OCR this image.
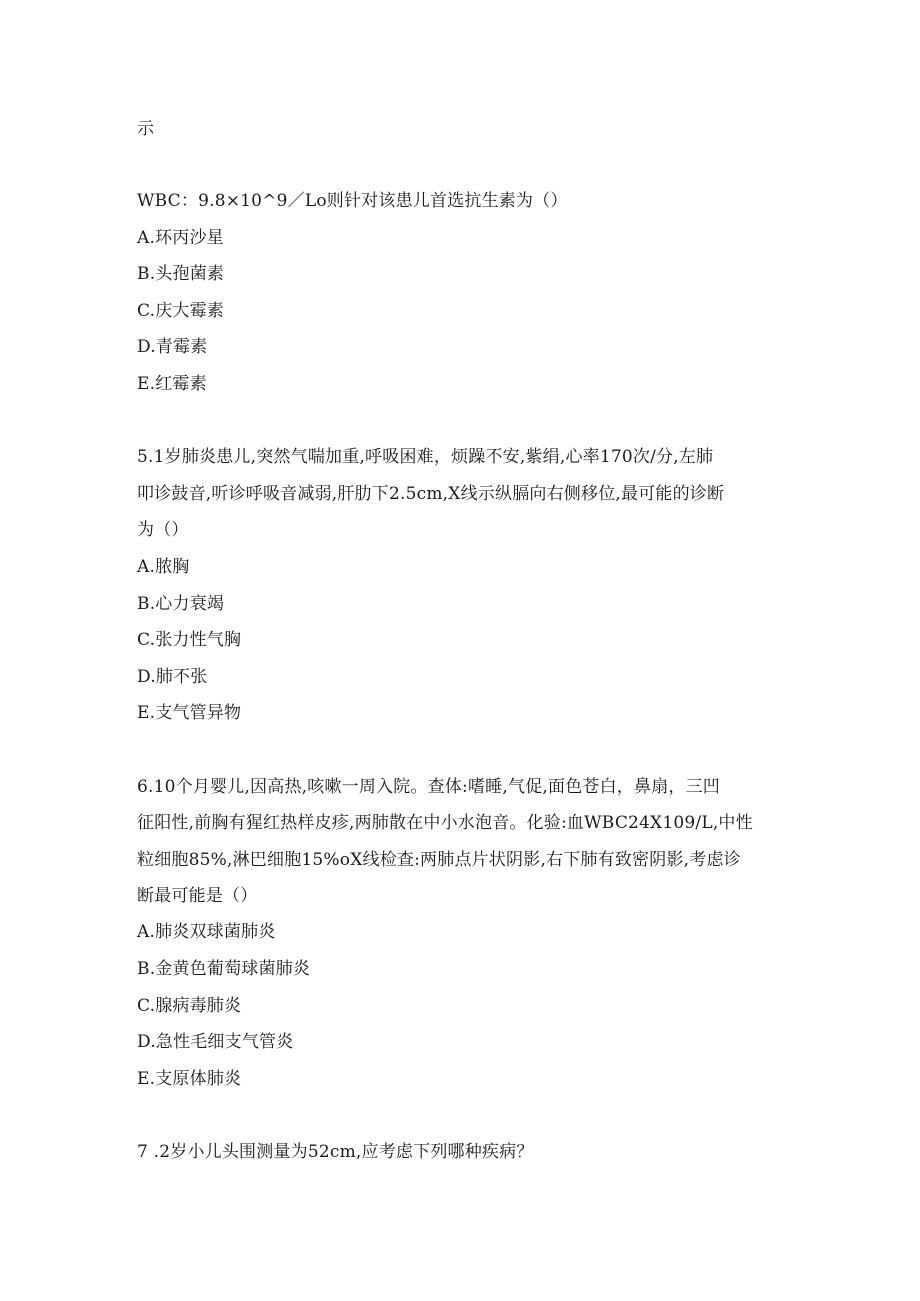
示
WBC：9.8×10^9／Lo则针对该患儿首选抗生素为（）
A.环丙沙星
B.头孢菌素
C.庆大霉素
D.青霉素
E.红霉素
5.1岁肺炎患儿,突然气喘加重,呼吸困难，烦躁不安,紫绢,心率170次/分,左肺
叩诊鼓音,听诊呼吸音减弱,肝肋下2.5cm,X线示纵膈向右侧移位,最可能的诊断
为（）
A.脓胸
B.心力衰竭
C.张力性气胸
D.肺不张
E.支气管异物
6.10个月婴儿,因高热,咳嗽一周入院。查体:嗜睡,气促,面色苍白，鼻扇，三凹
征阳性,前胸有猩红热样皮疹,两肺散在中小水泡音。化验:血WBC24X109/L,中性
粒细胞85%,淋巴细胞15%oX线检查:两肺点片状阴影,右下肺有致密阴影,考虑诊
断最可能是（）
A.肺炎双球菌肺炎
B.金黄色葡萄球菌肺炎
C.腺病毒肺炎
D.急性毛细支气管炎
E.支原体肺炎
7 .2岁小儿头围测量为52cm,应考虑下列哪种疾病？
